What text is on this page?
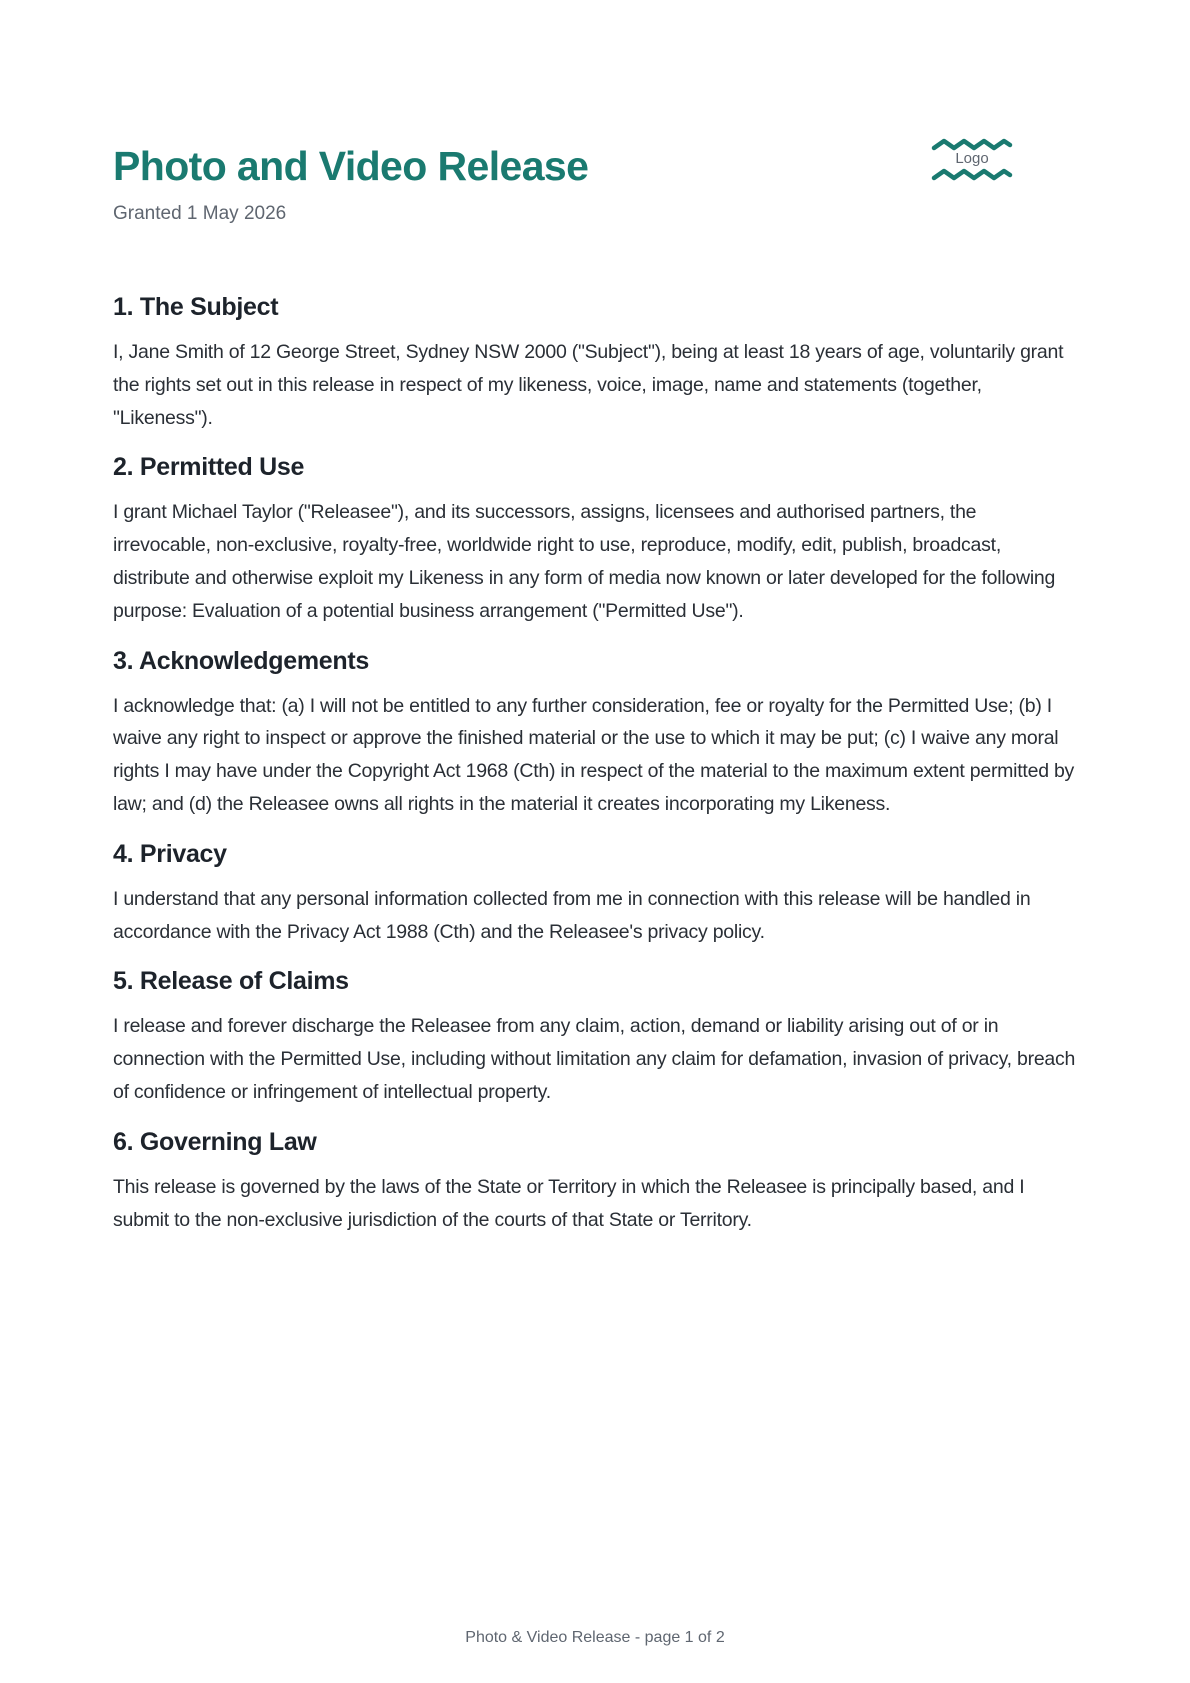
Photo and Video Release
Granted 1 May 2026
Logo
1. The Subject

I, Jane Smith of 12 George Street, Sydney NSW 2000 ("Subject"), being at least 18 years of age, voluntarily grant the rights set out in this release in respect of my likeness, voice, image, name and statements (together, "Likeness").

2. Permitted Use

I grant Michael Taylor ("Releasee"), and its successors, assigns, licensees and authorised partners, the irrevocable, non-exclusive, royalty-free, worldwide right to use, reproduce, modify, edit, publish, broadcast, distribute and otherwise exploit my Likeness in any form of media now known or later developed for the following purpose: Evaluation of a potential business arrangement ("Permitted Use").

3. Acknowledgements

I acknowledge that: (a) I will not be entitled to any further consideration, fee or royalty for the Permitted Use; (b) I waive any right to inspect or approve the finished material or the use to which it may be put; (c) I waive any moral rights I may have under the Copyright Act 1968 (Cth) in respect of the material to the maximum extent permitted by law; and (d) the Releasee owns all rights in the material it creates incorporating my Likeness.

4. Privacy

I understand that any personal information collected from me in connection with this release will be handled in accordance with the Privacy Act 1988 (Cth) and the Releasee's privacy policy.

5. Release of Claims

I release and forever discharge the Releasee from any claim, action, demand or liability arising out of or in connection with the Permitted Use, including without limitation any claim for defamation, invasion of privacy, breach of confidence or infringement of intellectual property.

6. Governing Law

This release is governed by the laws of the State or Territory in which the Releasee is principally based, and I submit to the non-exclusive jurisdiction of the courts of that State or Territory.

Photo & Video Release - page 1 of 2
